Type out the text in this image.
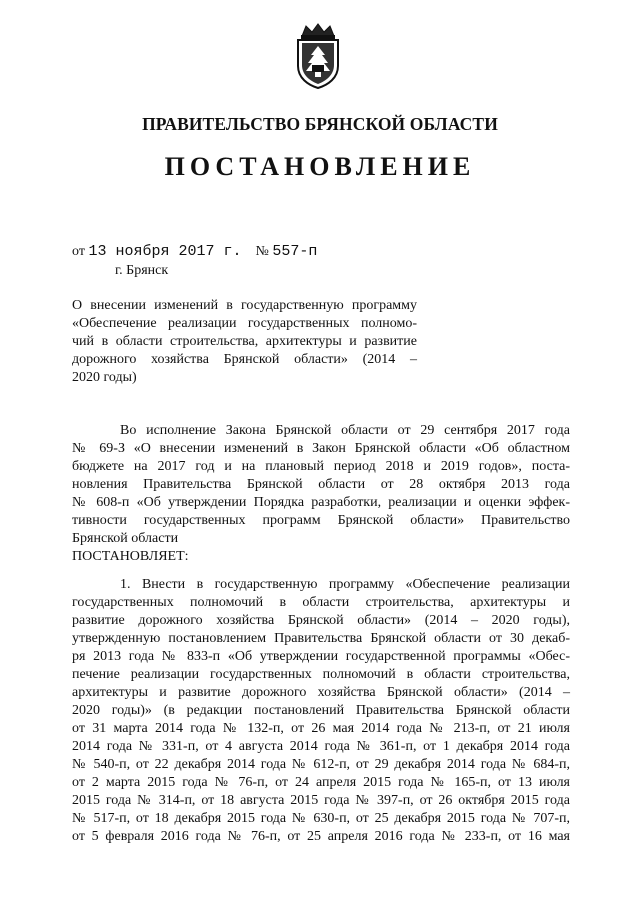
ПРАВИТЕЛЬСТВО БРЯНСКОЙ ОБЛАСТИ
ПОСТАНОВЛЕНИЕ
от 13 ноября 2017 г. № 557-п
г. Брянск
О внесении изменений в государственную программу
«Обеспечение реализации государственных полномо-
чий в области строительства, архитектуры и развитие
дорожного хозяйства Брянской области» (2014 –
2020 годы)
Во исполнение Закона Брянской области от 29 сентября 2017 года
№ 69-З «О внесении изменений в Закон Брянской области «Об областном
бюджете на 2017 год и на плановый период 2018 и 2019 годов», поста-
новления Правительства Брянской области от 28 октября 2013 года
№ 608-п «Об утверждении Порядка разработки, реализации и оценки эффек-
тивности государственных программ Брянской области» Правительство
Брянской области
ПОСТАНОВЛЯЕТ:
1. Внести в государственную программу «Обеспечение реализации
государственных полномочий в области строительства, архитектуры и
развитие дорожного хозяйства Брянской области» (2014 – 2020 годы),
утвержденную постановлением Правительства Брянской области от 30 декаб-
ря 2013 года № 833-п «Об утверждении государственной программы «Обес-
печение реализации государственных полномочий в области строительства,
архитектуры и развитие дорожного хозяйства Брянской области» (2014 –
2020 годы)» (в редакции постановлений Правительства Брянской области
от 31 марта 2014 года № 132-п, от 26 мая 2014 года № 213-п, от 21 июля
2014 года № 331-п, от 4 августа 2014 года № 361-п, от 1 декабря 2014 года
№ 540-п, от 22 декабря 2014 года № 612-п, от 29 декабря 2014 года № 684-п,
от 2 марта 2015 года № 76-п, от 24 апреля 2015 года № 165-п, от 13 июля
2015 года № 314-п, от 18 августа 2015 года № 397-п, от 26 октября 2015 года
№ 517-п, от 18 декабря 2015 года № 630-п, от 25 декабря 2015 года № 707-п,
от 5 февраля 2016 года № 76-п, от 25 апреля 2016 года № 233-п, от 16 мая
